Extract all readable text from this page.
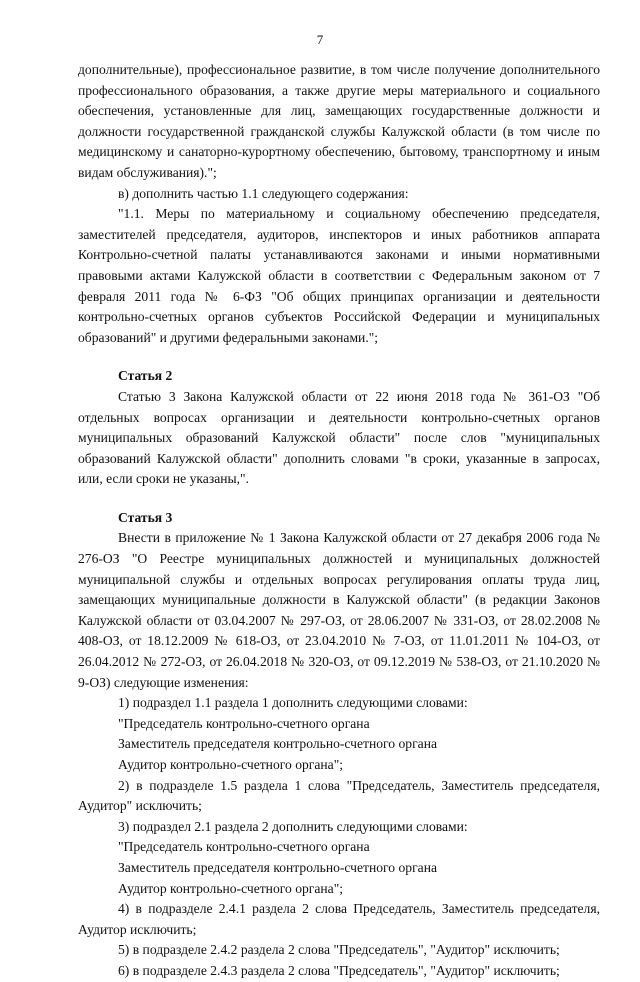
7

дополнительные), профессиональное развитие, в том числе получение дополнительного профессионального образования, а также другие меры материального и социального обеспечения, установленные для лиц, замещающих государственные должности и должности государственной гражданской службы Калужской области (в том числе по медицинскому и санаторно-курортному обеспечению, бытовому, транспортному и иным видам обслуживания).";

в) дополнить частью 1.1 следующего содержания:

"1.1. Меры по материальному и социальному обеспечению председателя, заместителей председателя, аудиторов, инспекторов и иных работников аппарата Контрольно-счетной палаты устанавливаются законами и иными нормативными правовыми актами Калужской области в соответствии с Федеральным законом от 7 февраля 2011 года № 6-ФЗ "Об общих принципах организации и деятельности контрольно-счетных органов субъектов Российской Федерации и муниципальных образований" и другими федеральными законами.";

Статья 2

Статью 3 Закона Калужской области от 22 июня 2018 года № 361-ОЗ "Об отдельных вопросах организации и деятельности контрольно-счетных органов муниципальных образований Калужской области" после слов "муниципальных образований Калужской области" дополнить словами "в сроки, указанные в запросах, или, если сроки не указаны,".

Статья 3

Внести в приложение № 1 Закона Калужской области от 27 декабря 2006 года № 276-ОЗ "О Реестре муниципальных должностей и муниципальных должностей муниципальной службы и отдельных вопросах регулирования оплаты труда лиц, замещающих муниципальные должности в Калужской области" (в редакции Законов Калужской области от 03.04.2007 № 297-ОЗ, от 28.06.2007 № 331-ОЗ, от 28.02.2008 № 408-ОЗ, от 18.12.2009 № 618-ОЗ, от 23.04.2010 № 7-ОЗ, от 11.01.2011 № 104-ОЗ, от 26.04.2012 № 272-ОЗ, от 26.04.2018 № 320-ОЗ, от 09.12.2019 № 538-ОЗ, от 21.10.2020 № 9-ОЗ) следующие изменения:

1) подраздел 1.1 раздела 1 дополнить следующими словами:

"Председатель контрольно-счетного органа

Заместитель председателя контрольно-счетного органа

Аудитор контрольно-счетного органа";

2) в подразделе 1.5 раздела 1 слова "Председатель, Заместитель председателя, Аудитор" исключить;

3) подраздел 2.1 раздела 2 дополнить следующими словами:

"Председатель контрольно-счетного органа

Заместитель председателя контрольно-счетного органа

Аудитор контрольно-счетного органа";

4) в подразделе 2.4.1 раздела 2 слова Председатель, Заместитель председателя, Аудитор исключить;

5) в подразделе 2.4.2 раздела 2 слова "Председатель", "Аудитор" исключить;

6) в подразделе 2.4.3 раздела 2 слова "Председатель", "Аудитор" исключить;
